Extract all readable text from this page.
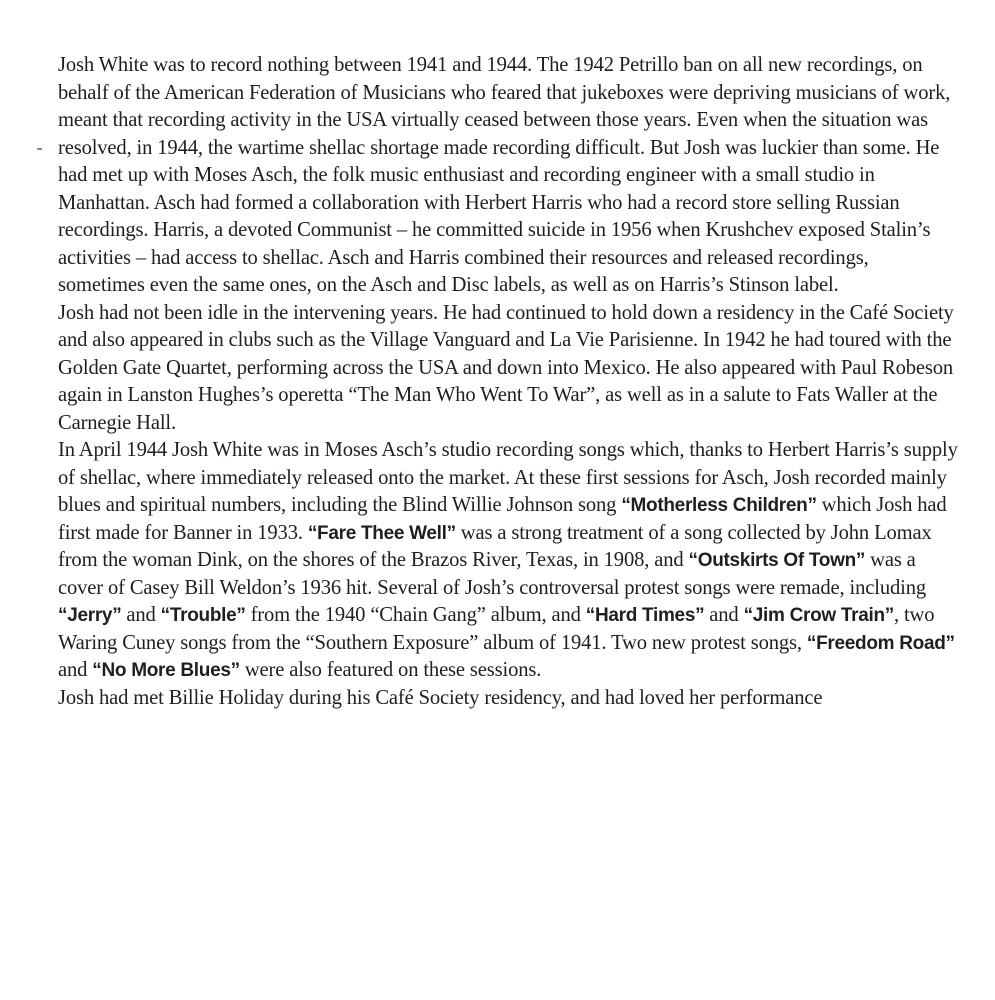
Josh White was to record nothing between 1941 and 1944. The 1942 Petrillo ban on all new recordings, on behalf of the American Federation of Musicians who feared that jukeboxes were depriving musicians of work, meant that recording activity in the USA virtually ceased between those years. Even when the situation was resolved, in 1944, the wartime shellac shortage made recording difficult. But Josh was luckier than some. He had met up with Moses Asch, the folk music enthusiast and recording engineer with a small studio in Manhattan. Asch had formed a collaboration with Herbert Harris who had a record store selling Russian recordings. Harris, a devoted Communist – he committed suicide in 1956 when Krushchev exposed Stalin’s activities – had access to shellac. Asch and Harris combined their resources and released recordings, sometimes even the same ones, on the Asch and Disc labels, as well as on Harris’s Stinson label.

Josh had not been idle in the intervening years. He had continued to hold down a residency in the Café Society and also appeared in clubs such as the Village Vanguard and La Vie Parisienne. In 1942 he had toured with the Golden Gate Quartet, performing across the USA and down into Mexico. He also appeared with Paul Robeson again in Lanston Hughes’s operetta “The Man Who Went To War”, as well as in a salute to Fats Waller at the Carnegie Hall.

In April 1944 Josh White was in Moses Asch’s studio recording songs which, thanks to Herbert Harris’s supply of shellac, where immediately released onto the market. At these first sessions for Asch, Josh recorded mainly blues and spiritual numbers, including the Blind Willie Johnson song “Motherless Children” which Josh had first made for Banner in 1933. “Fare Thee Well” was a strong treatment of a song collected by John Lomax from the woman Dink, on the shores of the Brazos River, Texas, in 1908, and “Outskirts Of Town” was a cover of Casey Bill Weldon’s 1936 hit. Several of Josh’s controversal protest songs were remade, including “Jerry” and “Trouble” from the 1940 “Chain Gang” album, and “Hard Times” and “Jim Crow Train”, two Waring Cuney songs from the “Southern Exposure” album of 1941. Two new protest songs, “Freedom Road” and “No More Blues” were also featured on these sessions.

Josh had met Billie Holiday during his Café Society residency, and had loved her performance
